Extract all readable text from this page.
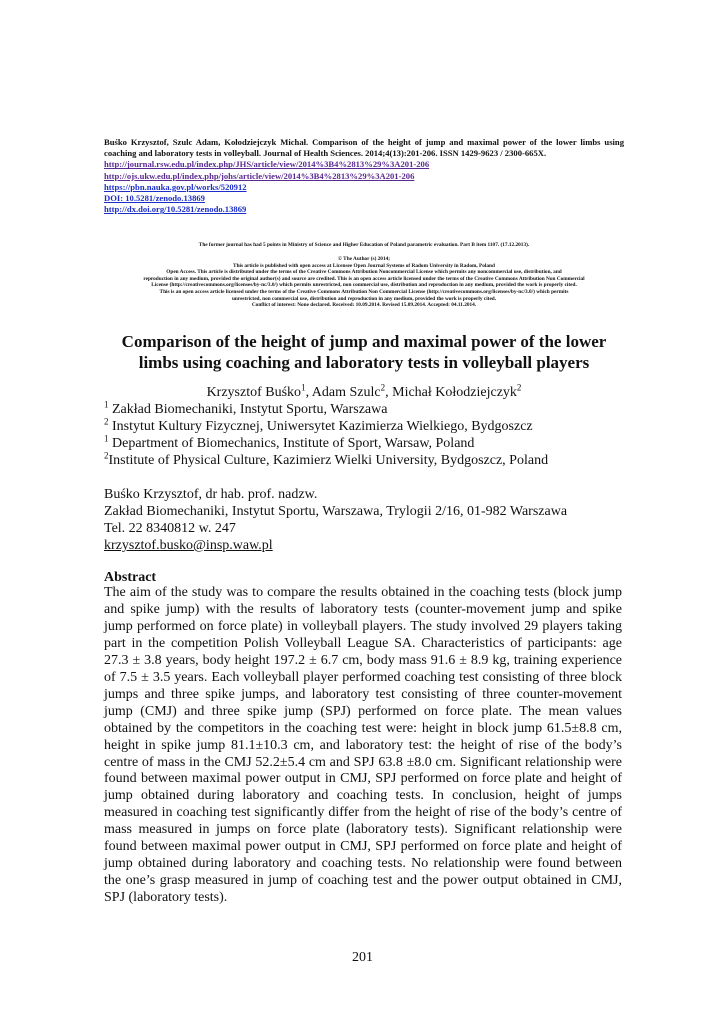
Buśko Krzysztof, Szulc Adam, Kołodziejczyk Michał. Comparison of the height of jump and maximal power of the lower limbs using coaching and laboratory tests in volleyball. Journal of Health Sciences. 2014;4(13):201-206. ISSN 1429-9623 / 2300-665X.
http://journal.rsw.edu.pl/index.php/JHS/article/view/2014%3B4%2813%29%3A201-206
http://ojs.ukw.edu.pl/index.php/johs/article/view/2014%3B4%2813%29%3A201-206
https://pbn.nauka.gov.pl/works/520912
DOI: 10.5281/zenodo.13869
http://dx.doi.org/10.5281/zenodo.13869
The former journal has had 5 points in Ministry of Science and Higher Education of Poland parametric evaluation. Part B item 1107. (17.12.2013).
© The Author (s) 2014;
This article is published with open access at Licensee Open Journal Systems of Radom University in Radom, Poland
Open Access. This article is distributed under the terms of the Creative Commons Attribution Noncommercial License which permits any noncommercial use, distribution, and
reproduction in any medium, provided the original author(s) and source are credited. This is an open access article licensed under the terms of the Creative Commons Attribution Non Commercial
License (http://creativecommons.org/licenses/by-nc/3.0/) which permits unrestricted, non commercial use, distribution and reproduction in any medium, provided the work is properly cited.
This is an open access article licensed under the terms of the Creative Commons Attribution Non Commercial License (http://creativecommons.org/licenses/by-nc/3.0/) which permits
unrestricted, non commercial use, distribution and reproduction in any medium, provided the work is properly cited.
Conflict of interest: None declared. Received: 10.09.2014. Revised 15.09.2014. Accepted: 04.11.2014.
Comparison of the height of jump and maximal power of the lower limbs using coaching and laboratory tests in volleyball players
Krzysztof Buśko$^1$, Adam Szulc$^2$, Michał Kołodziejczyk$^2$
$^1$ Zakład Biomechaniki, Instytut Sportu, Warszawa
$^2$ Instytut Kultury Fizycznej, Uniwersytet Kazimierza Wielkiego, Bydgoszcz
$^1$ Department of Biomechanics, Institute of Sport, Warsaw, Poland
$^2$Institute of Physical Culture, Kazimierz Wielki University, Bydgoszcz, Poland
Buśko Krzysztof, dr hab. prof. nadzw.
Zakład Biomechaniki, Instytut Sportu, Warszawa, Trylogii 2/16, 01-982 Warszawa
Tel. 22 8340812 w. 247
krzysztof.busko@insp.waw.pl
Abstract
The aim of the study was to compare the results obtained in the coaching tests (block jump and spike jump) with the results of laboratory tests (counter-movement jump and spike jump performed on force plate) in volleyball players. The study involved 29 players taking part in the competition Polish Volleyball League SA. Characteristics of participants: age 27.3 ± 3.8 years, body height 197.2 ± 6.7 cm, body mass 91.6 ± 8.9 kg, training experience of 7.5 ± 3.5 years. Each volleyball player performed coaching test consisting of three block jumps and three spike jumps, and laboratory test consisting of three counter-movement jump (CMJ) and three spike jump (SPJ) performed on force plate. The mean values obtained by the competitors in the coaching test were: height in block jump 61.5±8.8 cm, height in spike jump 81.1±10.3 cm, and laboratory test: the height of rise of the body’s centre of mass in the CMJ 52.2±5.4 cm and SPJ 63.8 ±8.0 cm. Significant relationship were found between maximal power output in CMJ, SPJ performed on force plate and height of jump obtained during laboratory and coaching tests. In conclusion, height of jumps measured in coaching test significantly differ from the height of rise of the body’s centre of mass measured in jumps on force plate (laboratory tests). Significant relationship were found between maximal power output in CMJ, SPJ performed on force plate and height of jump obtained during laboratory and coaching tests. No relationship were found between the one’s grasp measured in jump of coaching test and the power output obtained in CMJ, SPJ (laboratory tests).
201
